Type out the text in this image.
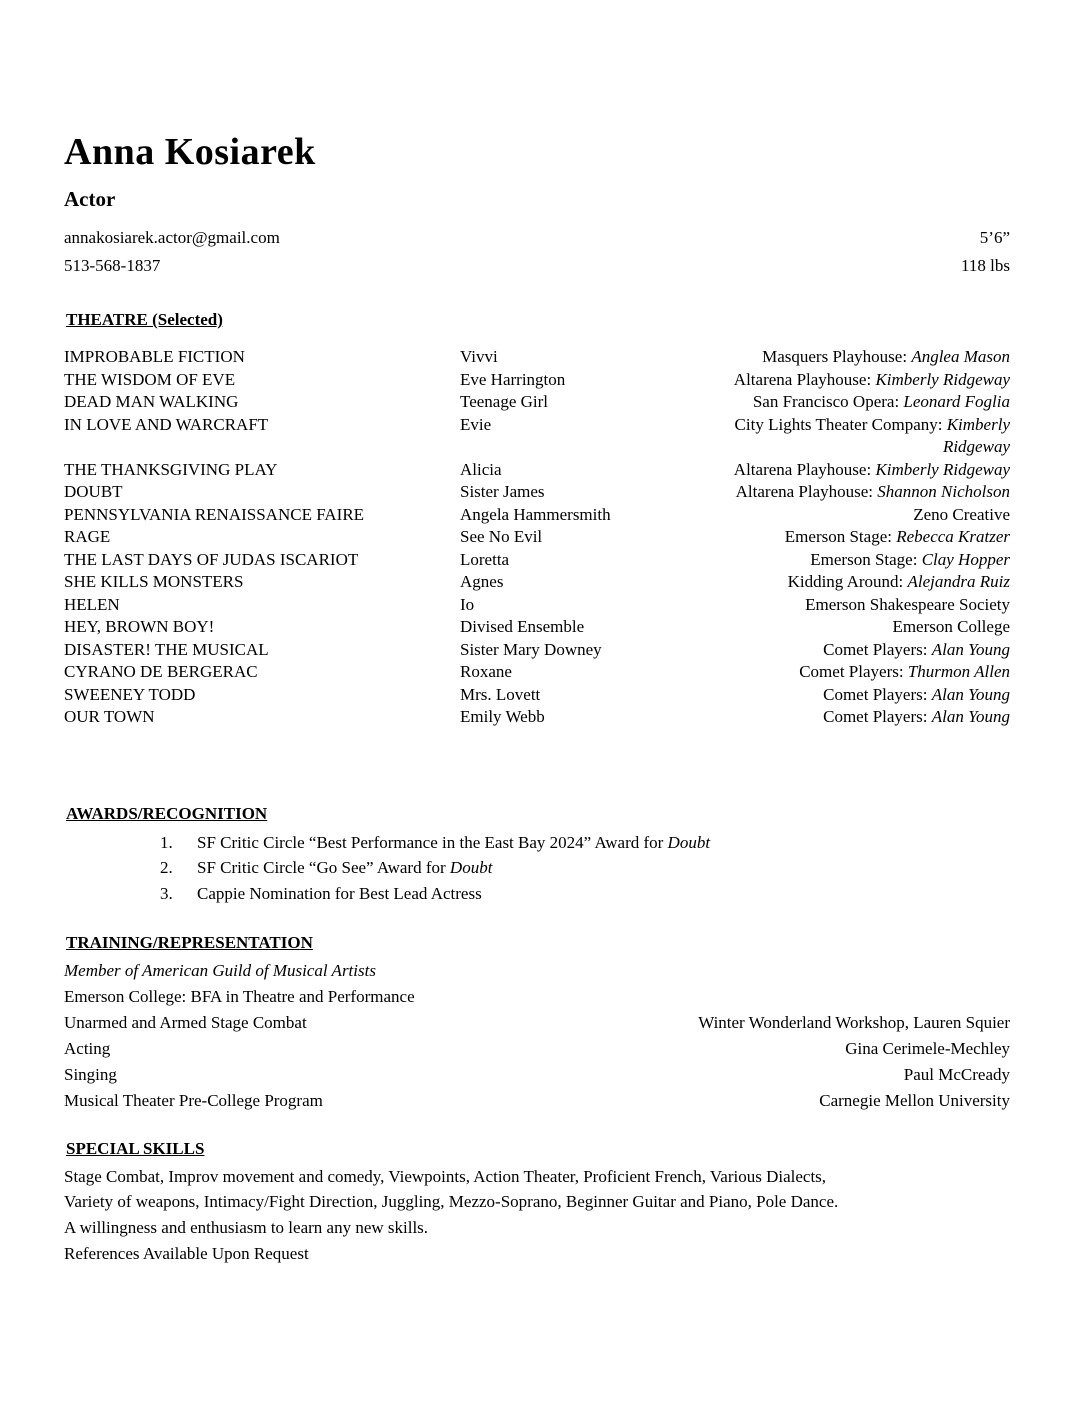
Anna Kosiarek
Actor
annakosiarek.actor@gmail.com	5’6”
513-568-1837	118 lbs
THEATRE (Selected)
IMPROBABLE FICTION	Vivvi	Masquers Playhouse: Anglea Mason
THE WISDOM OF EVE	Eve Harrington	Altarena Playhouse: Kimberly Ridgeway
DEAD MAN WALKING	Teenage Girl	San Francisco Opera: Leonard Foglia
IN LOVE AND WARCRAFT	Evie	City Lights Theater Company: Kimberly Ridgeway
THE THANKSGIVING PLAY	Alicia	Altarena Playhouse: Kimberly Ridgeway
DOUBT	Sister James	Altarena Playhouse: Shannon Nicholson
PENNSYLVANIA RENAISSANCE FAIRE	Angela Hammersmith	Zeno Creative
RAGE	See No Evil	Emerson Stage: Rebecca Kratzer
THE LAST DAYS OF JUDAS ISCARIOT	Loretta	Emerson Stage: Clay Hopper
SHE KILLS MONSTERS	Agnes	Kidding Around: Alejandra Ruiz
HELEN	Io	Emerson Shakespeare Society
HEY, BROWN BOY!	Divised Ensemble	Emerson College
DISASTER! THE MUSICAL	Sister Mary Downey	Comet Players: Alan Young
CYRANO DE BERGERAC	Roxane	Comet Players: Thurmon Allen
SWEENEY TODD	Mrs. Lovett	Comet Players: Alan Young
OUR TOWN	Emily Webb	Comet Players: Alan Young
AWARDS/RECOGNITION
1.	SF Critic Circle “Best Performance in the East Bay 2024” Award for Doubt
2.	SF Critic Circle “Go See” Award for Doubt
3.	Cappie Nomination for Best Lead Actress
TRAINING/REPRESENTATION
Member of American Guild of Musical Artists
Emerson College: BFA in Theatre and Performance
Unarmed and Armed Stage Combat	Winter Wonderland Workshop, Lauren Squier
Acting	Gina Cerimele-Mechley
Singing	Paul McCready
Musical Theater Pre-College Program	Carnegie Mellon University
SPECIAL SKILLS
Stage Combat, Improv movement and comedy, Viewpoints, Action Theater, Proficient French, Various Dialects,
Variety of weapons, Intimacy/Fight Direction, Juggling, Mezzo-Soprano, Beginner Guitar and Piano, Pole Dance.
A willingness and enthusiasm to learn any new skills.
References Available Upon Request
